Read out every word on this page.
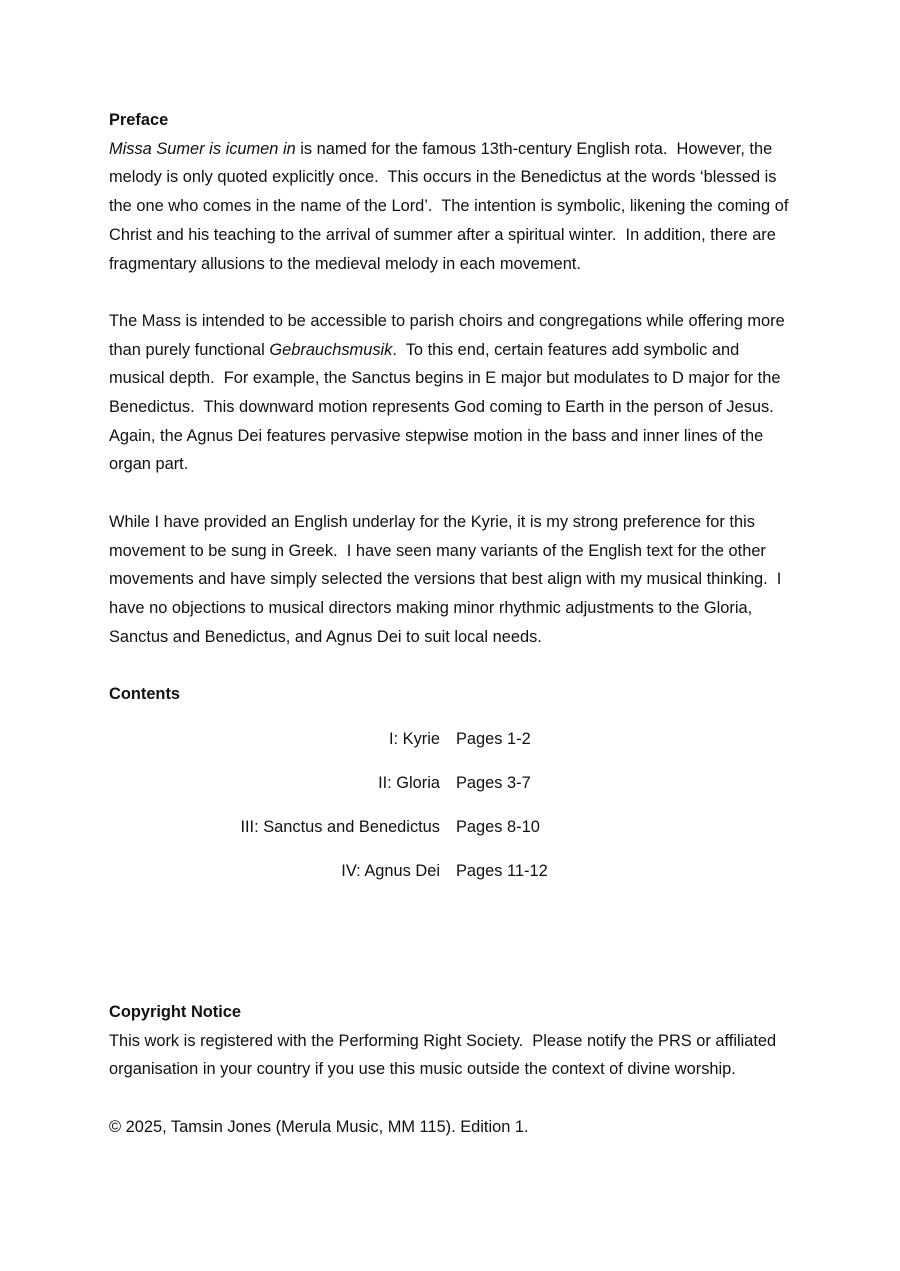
Preface

Missa Sumer is icumen in is named for the famous 13th-century English rota.  However, the melody is only quoted explicitly once.  This occurs in the Benedictus at the words ‘blessed is the one who comes in the name of the Lord’.  The intention is symbolic, likening the coming of Christ and his teaching to the arrival of summer after a spiritual winter.  In addition, there are fragmentary allusions to the medieval melody in each movement.

The Mass is intended to be accessible to parish choirs and congregations while offering more than purely functional Gebrauchsmusik.  To this end, certain features add symbolic and musical depth.  For example, the Sanctus begins in E major but modulates to D major for the Benedictus.  This downward motion represents God coming to Earth in the person of Jesus.  Again, the Agnus Dei features pervasive stepwise motion in the bass and inner lines of the organ part.

While I have provided an English underlay for the Kyrie, it is my strong preference for this movement to be sung in Greek.  I have seen many variants of the English text for the other movements and have simply selected the versions that best align with my musical thinking.  I have no objections to musical directors making minor rhythmic adjustments to the Gloria, Sanctus and Benedictus, and Agnus Dei to suit local needs.

Contents
I: Kyrie Pages 1-2
II: Gloria Pages 3-7
III: Sanctus and Benedictus Pages 8-10
IV: Agnus Dei Pages 11-12
Copyright Notice

This work is registered with the Performing Right Society.  Please notify the PRS or affiliated organisation in your country if you use this music outside the context of divine worship.

© 2025, Tamsin Jones (Merula Music, MM 115). Edition 1.
